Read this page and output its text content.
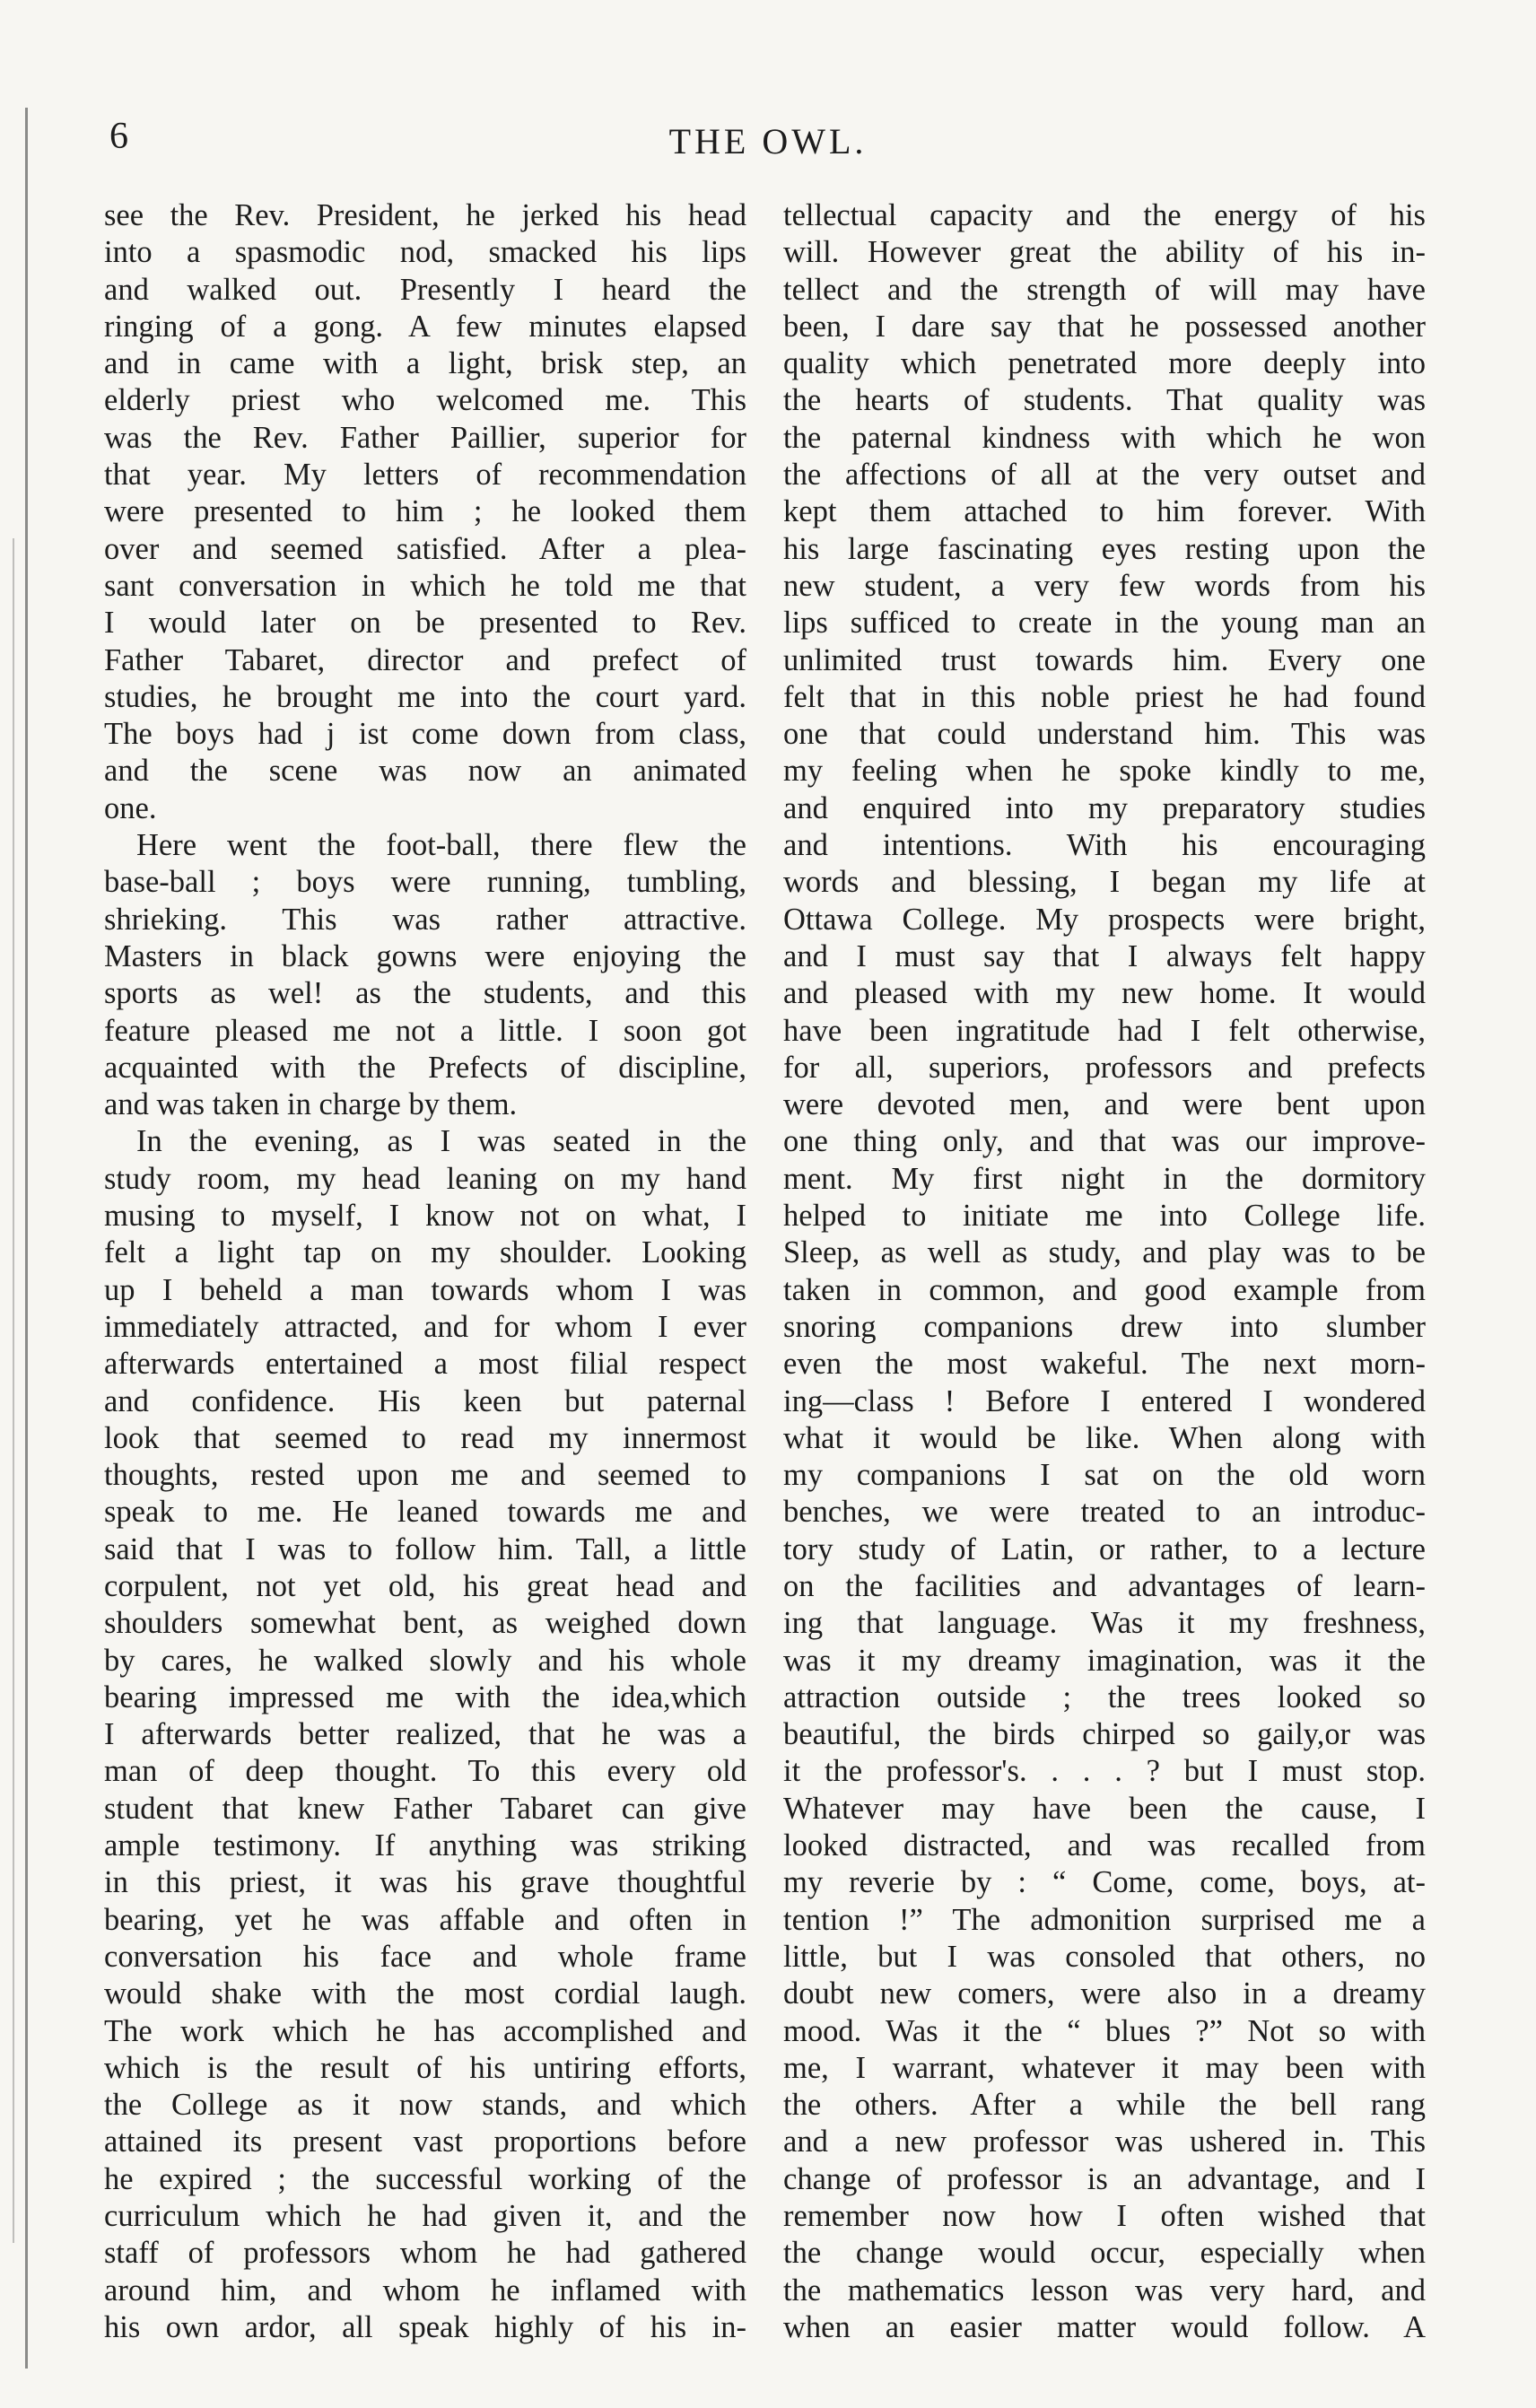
6	THE OWL.
see the Rev. President, he jerked his head
into a spasmodic nod, smacked his lips
and walked out. Presently I heard the
ringing of a gong. A few minutes elapsed
and in came with a light, brisk step, an
elderly priest who welcomed me. This
was the Rev. Father Paillier, superior for
that year. My letters of recommendation
were presented to him ; he looked them
over and seemed satisfied. After a plea-
sant conversation in which he told me that
I would later on be presented to Rev.
Father Tabaret, director and prefect of
studies, he brought me into the court yard.
The boys had j ist come down from class,
and the scene was now an animated
one.
Here went the foot-ball, there flew the
base-ball ; boys were running, tumbling,
shrieking. This was rather attractive.
Masters in black gowns were enjoying the
sports as wel! as the students, and this
feature pleased me not a little. I soon got
acquainted with the Prefects of discipline,
and was taken in charge by them.
In the evening, as I was seated in the
study room, my head leaning on my hand
musing to myself, I know not on what, I
felt a light tap on my shoulder. Looking
up I beheld a man towards whom I was
immediately attracted, and for whom I ever
afterwards entertained a most filial respect
and confidence. His keen but paternal
look that seemed to read my innermost
thoughts, rested upon me and seemed to
speak to me. He leaned towards me and
said that I was to follow him. Tall, a little
corpulent, not yet old, his great head and
shoulders somewhat bent, as weighed down
by cares, he walked slowly and his whole
bearing impressed me with the idea,which
I afterwards better realized, that he was a
man of deep thought. To this every old
student that knew Father Tabaret can give
ample testimony. If anything was striking
in this priest, it was his grave thoughtful
bearing, yet he was affable and often in
conversation his face and whole frame
would shake with the most cordial laugh.
The work which he has accomplished and
which is the result of his untiring efforts,
the College as it now stands, and which
attained its present vast proportions before
he expired ; the successful working of the
curriculum which he had given it, and the
staff of professors whom he had gathered
around him, and whom he inflamed with
his own ardor, all speak highly of his in-
tellectual capacity and the energy of his
will. However great the ability of his in-
tellect and the strength of will may have
been, I dare say that he possessed another
quality which penetrated more deeply into
the hearts of students. That quality was
the paternal kindness with which he won
the affections of all at the very outset and
kept them attached to him forever. With
his large fascinating eyes resting upon the
new student, a very few words from his
lips sufficed to create in the young man an
unlimited trust towards him. Every one
felt that in this noble priest he had found
one that could understand him. This was
my feeling when he spoke kindly to me,
and enquired into my preparatory studies
and intentions. With his encouraging
words and blessing, I began my life at
Ottawa College. My prospects were bright,
and I must say that I always felt happy
and pleased with my new home. It would
have been ingratitude had I felt otherwise,
for all, superiors, professors and prefects
were devoted men, and were bent upon
one thing only, and that was our improve-
ment. My first night in the dormitory
helped to initiate me into College life.
Sleep, as well as study, and play was to be
taken in common, and good example from
snoring companions drew into slumber
even the most wakeful. The next morn-
ing—class ! Before I entered I wondered
what it would be like. When along with
my companions I sat on the old worn
benches, we were treated to an introduc-
tory study of Latin, or rather, to a lecture
on the facilities and advantages of learn-
ing that language. Was it my freshness,
was it my dreamy imagination, was it the
attraction outside ; the trees looked so
beautiful, the birds chirped so gaily,or was
it the professor's. . . . ? but I must stop.
Whatever may have been the cause, I
looked distracted, and was recalled from
my reverie by : “ Come, come, boys, at-
tention !” The admonition surprised me a
little, but I was consoled that others, no
doubt new comers, were also in a dreamy
mood. Was it the “ blues ?” Not so with
me, I warrant, whatever it may been with
the others. After a while the bell rang
and a new professor was ushered in. This
change of professor is an advantage, and I
remember now how I often wished that
the change would occur, especially when
the mathematics lesson was very hard, and
when an easier matter would follow. A
